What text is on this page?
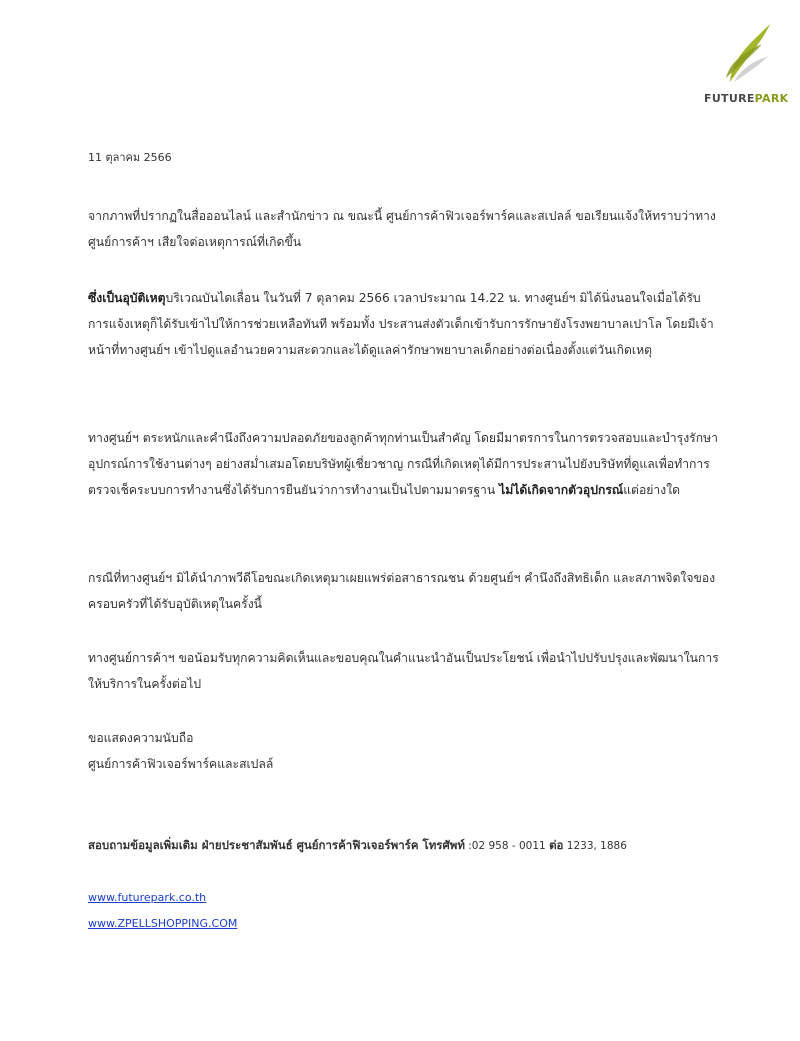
FUTUREPARK
11 ตุลาคม 2566

จากภาพที่ปรากฏในสื่อออนไลน์ และสำนักข่าว ณ ขณะนี้ ศูนย์การค้าฟิวเจอร์พาร์คและสเปลล์ ขอเรียนแจ้งให้ทราบว่าทางศูนย์การค้าฯ เสียใจต่อเหตุการณ์ที่เกิดขึ้น

ซึ่งเป็นอุบัติเหตุบริเวณบันไดเลื่อน ในวันที่ 7 ตุลาคม 2566 เวลาประมาณ 14.22 น. ทางศูนย์ฯ มิได้นิ่งนอนใจเมื่อได้รับการแจ้งเหตุก็ได้รับเข้าไปให้การช่วยเหลือทันที พร้อมทั้ง ประสานส่งตัวเด็กเข้ารับการรักษายังโรงพยาบาลเปาโล โดยมีเจ้าหน้าที่ทางศูนย์ฯ เข้าไปดูแลอำนวยความสะดวกและได้ดูแลค่ารักษาพยาบาลเด็กอย่างต่อเนื่องตั้งแต่วันเกิดเหตุ

ทางศูนย์ฯ ตระหนักและคำนึงถึงความปลอดภัยของลูกค้าทุกท่านเป็นสำคัญ โดยมีมาตรการในการตรวจสอบและบำรุงรักษาอุปกรณ์การใช้งานต่างๆ อย่างสม่ำเสมอโดยบริษัทผู้เชี่ยวชาญ กรณีที่เกิดเหตุได้มีการประสานไปยังบริษัทที่ดูแลเพื่อทำการตรวจเช็คระบบการทำงานซึ่งได้รับการยืนยันว่าการทำงานเป็นไปตามมาตรฐาน ไม่ได้เกิดจากตัวอุปกรณ์แต่อย่างใด

กรณีที่ทางศูนย์ฯ มิได้นำภาพวีดีโอขณะเกิดเหตุมาเผยแพร่ต่อสาธารณชน ด้วยศูนย์ฯ คำนึงถึงสิทธิเด็ก และสภาพจิตใจของครอบครัวที่ได้รับอุบัติเหตุในครั้งนี้

ทางศูนย์การค้าฯ ขอน้อมรับทุกความคิดเห็นและขอบคุณในคำแนะนำอันเป็นประโยชน์ เพื่อนำไปปรับปรุงและพัฒนาในการให้บริการในครั้งต่อไป

ขอแสดงความนับถือ
ศูนย์การค้าฟิวเจอร์พาร์คและสเปลล์
สอบถามข้อมูลเพิ่มเติม ฝ่ายประชาสัมพันธ์ ศูนย์การค้าฟิวเจอร์พาร์ค โทรศัพท์ :02 958 - 0011 ต่อ 1233, 1886
www.futurepark.co.th
www.ZPELLSHOPPING.COM
